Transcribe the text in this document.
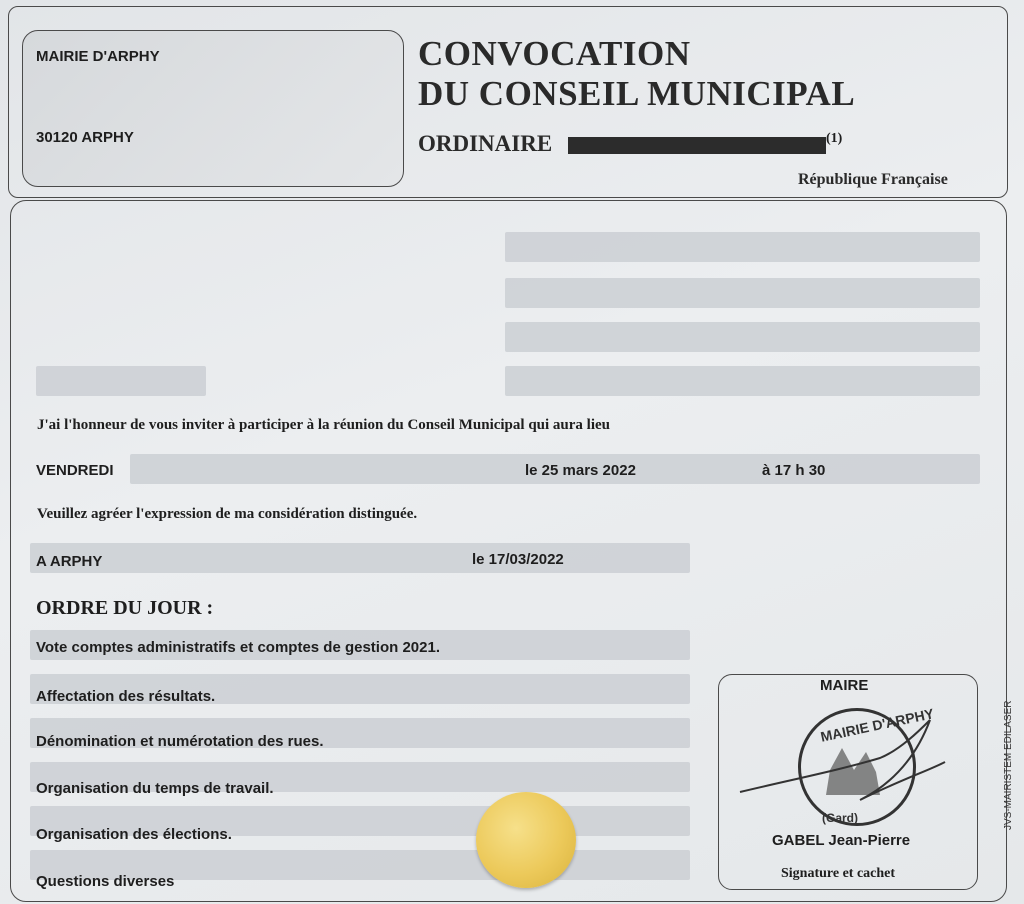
MAIRIE D'ARPHY
30120 ARPHY
CONVOCATION
DU CONSEIL MUNICIPAL
ORDINAIRE	(1)
République Française
J'ai l'honneur de vous inviter à participer à la réunion du Conseil Municipal qui aura lieu
VENDREDI	le 25 mars 2022	à 17 h 30
Veuillez agréer l'expression de ma considération distinguée.
A ARPHY	le 17/03/2022
ORDRE DU JOUR :
Vote comptes administratifs et comptes de gestion 2021.
Affectation des résultats.
Dénomination et numérotation des rues.
Organisation du temps de travail.
Organisation des élections.
Questions diverses
MAIRE
MAIRIE D'ARPHY
(Gard)
GABEL Jean-Pierre
Signature et cachet
JVS-MAIRISTEM EDILASER
